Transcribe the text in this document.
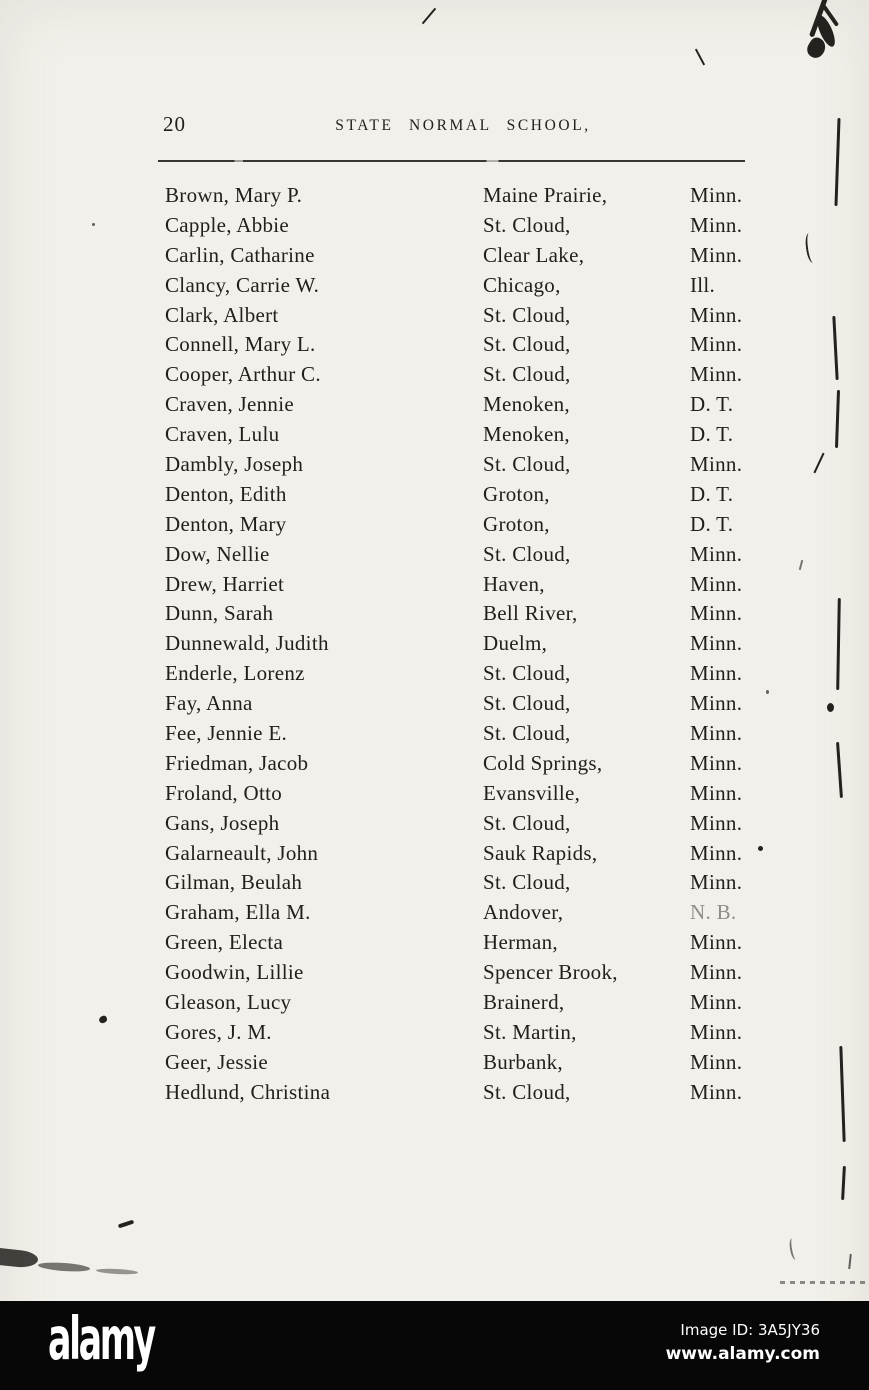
20	STATE NORMAL SCHOOL,
Brown, Mary P.	Maine Prairie,	Minn.
Capple, Abbie	St. Cloud,	Minn.
Carlin, Catharine	Clear Lake,	Minn.
Clancy, Carrie W.	Chicago,	Ill.
Clark, Albert	St. Cloud,	Minn.
Connell, Mary L.	St. Cloud,	Minn.
Cooper, Arthur C.	St. Cloud,	Minn.
Craven, Jennie	Menoken,	D. T.
Craven, Lulu	Menoken,	D. T.
Dambly, Joseph	St. Cloud,	Minn.
Denton, Edith	Groton,	D. T.
Denton, Mary	Groton,	D. T.
Dow, Nellie	St. Cloud,	Minn.
Drew, Harriet	Haven,	Minn.
Dunn, Sarah	Bell River,	Minn.
Dunnewald, Judith	Duelm,	Minn.
Enderle, Lorenz	St. Cloud,	Minn.
Fay, Anna	St. Cloud,	Minn.
Fee, Jennie E.	St. Cloud,	Minn.
Friedman, Jacob	Cold Springs,	Minn.
Froland, Otto	Evansville,	Minn.
Gans, Joseph	St. Cloud,	Minn.
Galarneault, John	Sauk Rapids,	Minn.
Gilman, Beulah	St. Cloud,	Minn.
Graham, Ella M.	Andover,	N. B.
Green, Electa	Herman,	Minn.
Goodwin, Lillie	Spencer Brook,	Minn.
Gleason, Lucy	Brainerd,	Minn.
Gores, J. M.	St. Martin,	Minn.
Geer, Jessie	Burbank,	Minn.
Hedlund, Christina	St. Cloud,	Minn.
alamy	Image ID: 3A5JY36
www.alamy.com
